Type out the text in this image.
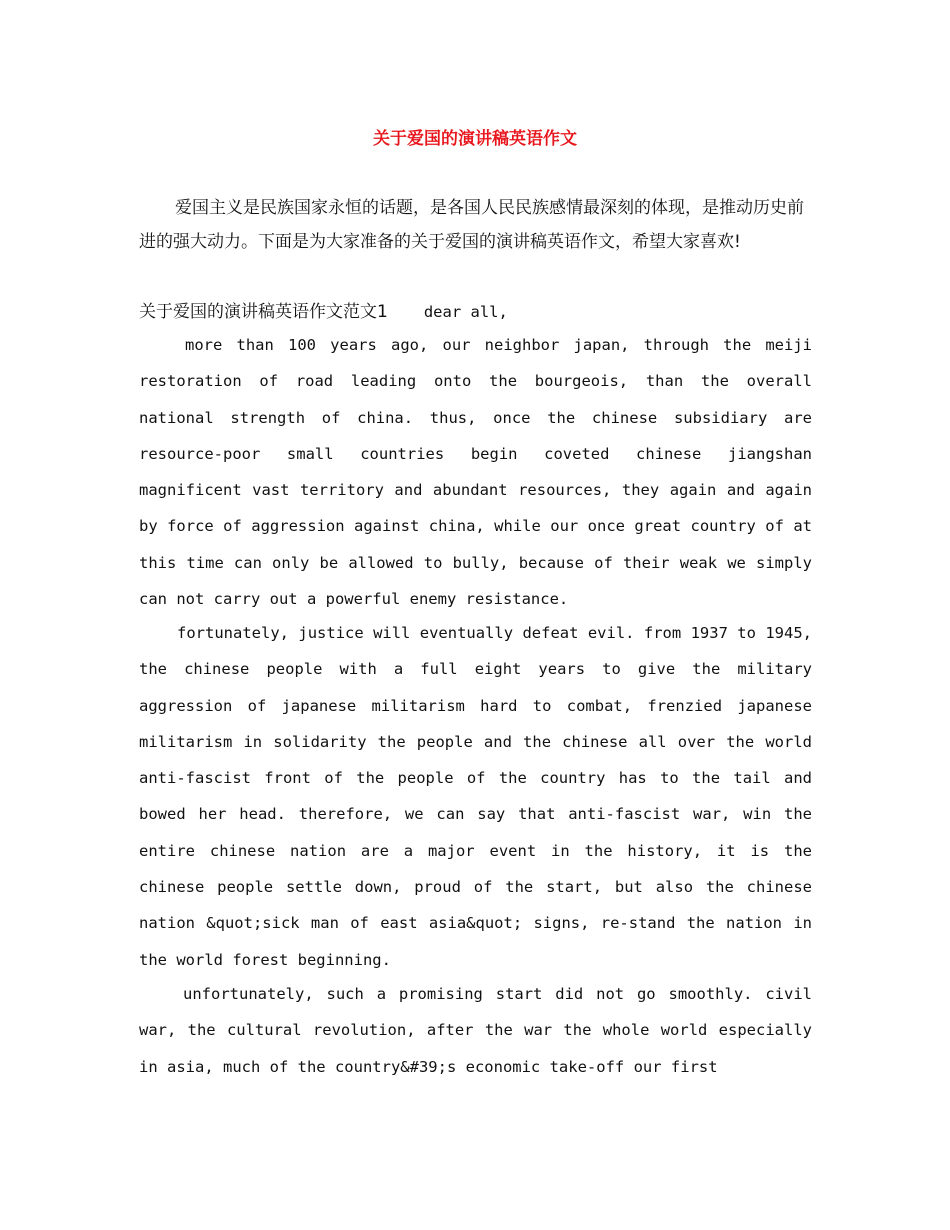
关于爱国的演讲稿英语作文

爱国主义是民族国家永恒的话题，是各国人民民族感情最深刻的体现，是推动历史前进的强大动力。下面是为大家准备的关于爱国的演讲稿英语作文，希望大家喜欢!

关于爱国的演讲稿英语作文范文1 dear all,

more than 100 years ago, our neighbor japan, through the meiji restoration of road leading onto the bourgeois, than the overall national strength of china. thus, once the chinese subsidiary are resource-poor small countries begin coveted chinese jiangshan magnificent vast territory and abundant resources, they again and again by force of aggression against china, while our once great country of at this time can only be allowed to bully, because of their weak we simply can not carry out a powerful enemy resistance.

fortunately, justice will eventually defeat evil. from 1937 to 1945, the chinese people with a full eight years to give the military aggression of japanese militarism hard to combat, frenzied japanese militarism in solidarity the people and the chinese all over the world anti-fascist front of the people of the country has to the tail and bowed her head. therefore, we can say that anti-fascist war, win the entire chinese nation are a major event in the history, it is the chinese people settle down, proud of the start, but also the chinese nation &quot;sick man of east asia&quot; signs, re-stand the nation in the world forest beginning.

unfortunately, such a promising start did not go smoothly. civil war, the cultural revolution, after the war the whole world especially in asia, much of the country&#39;s economic take-off our first
